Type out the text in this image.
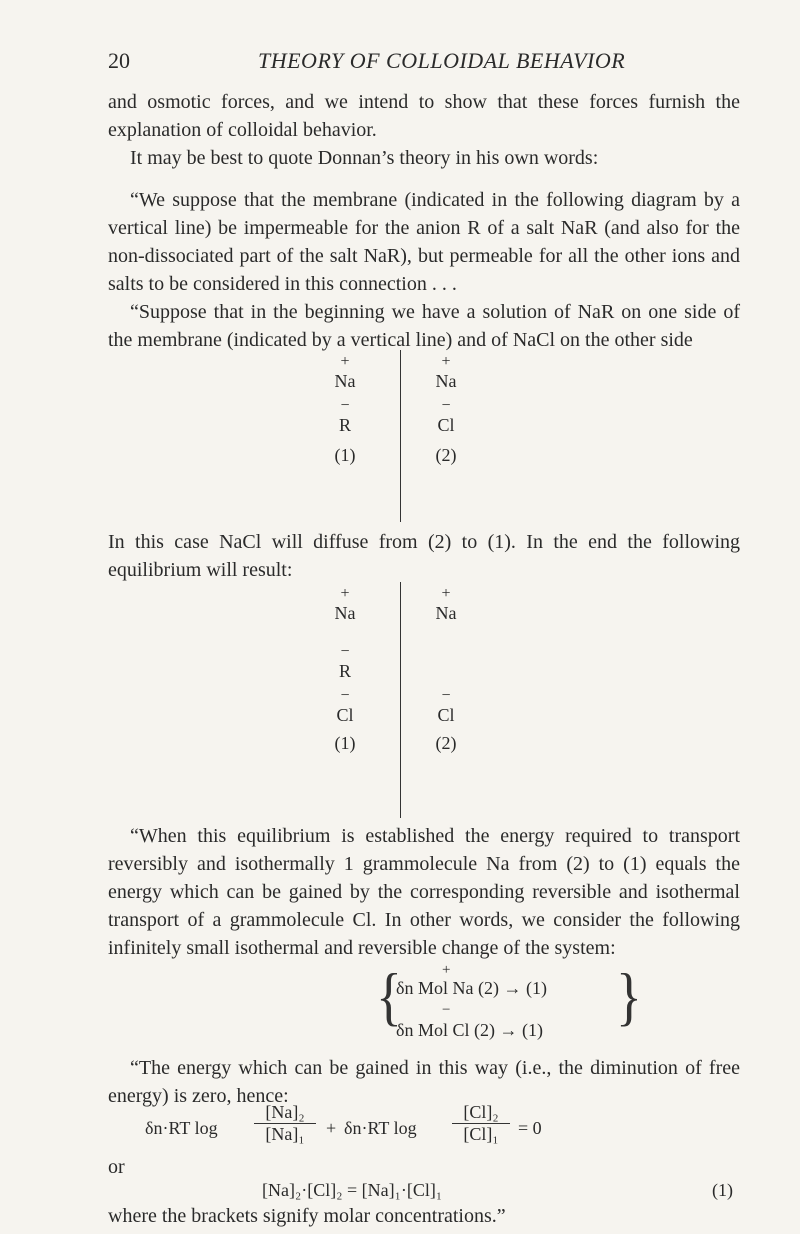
20	THEORY OF COLLOIDAL BEHAVIOR

and osmotic forces, and we intend to show that these forces furnish the explanation of colloidal behavior.

It may be best to quote Donnan’s theory in his own words:

“We suppose that the membrane (indicated in the following diagram by a vertical line) be impermeable for the anion R of a salt NaR (and also for the non-dissociated part of the salt NaR), but permeable for all the other ions and salts to be considered in this connection . . .

“Suppose that in the beginning we have a solution of NaR on one side of the membrane (indicated by a vertical line) and of NaCl on the other side

+
Na
−
R
(1)
+
Na
−
Cl
(2)

In this case NaCl will diffuse from (2) to (1). In the end the following equilibrium will result:

+
Na
−
R
−
Cl
(1)
+
Na
−
Cl
(2)

“When this equilibrium is established the energy required to transport reversibly and isothermally 1 grammolecule Na from (2) to (1) equals the energy which can be gained by the corresponding reversible and isothermal transport of a grammolecule Cl. In other words, we consider the following infinitely small isothermal and reversible change of the system:

{	+
δn Mol Na (2) → (1)
−
δn Mol Cl (2) → (1) }

“The energy which can be gained in this way (i.e., the diminution of free energy) is zero, hence:

δn·RT $\log \frac{\text{[Na]₂}}{\text{[Na]₁}} + \delta n\cdot RT$ $\log \frac{\text{[Cl]₂}}{\text{[Cl]₁}} = 0$
or
[Na]₂·[Cl]₂ = [Na]₁·[Cl]₁	(1)

where the brackets signify molar concentrations.”
